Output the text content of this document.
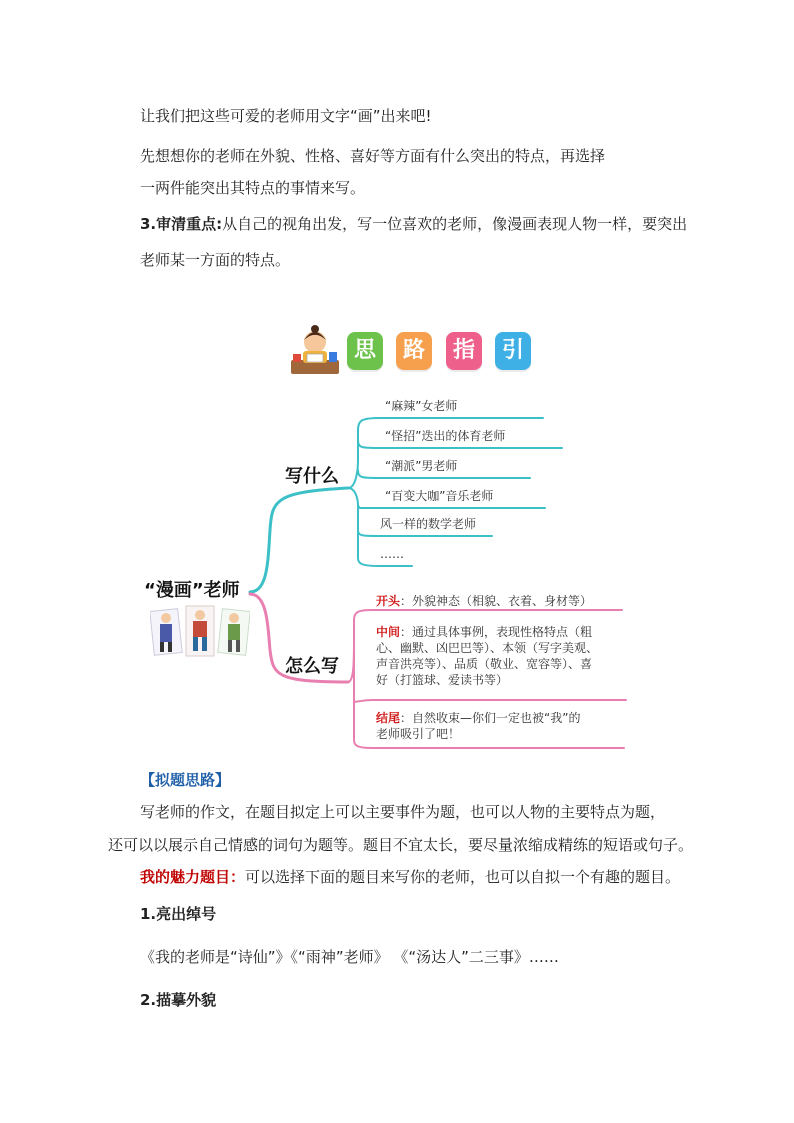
让我们把这些可爱的老师用文字“画”出来吧!
先想想你的老师在外貌、性格、喜好等方面有什么突出的特点，再选择
一两件能突出其特点的事情来写。
3.审清重点:从自己的视角出发，写一位喜欢的老师，像漫画表现人物一样，要突出
老师某一方面的特点。
思	路	指	引
写什么
怎么写
“漫画”老师
“麻辣”女老师
“怪招”迭出的体育老师
“潮派”男老师
“百变大咖”音乐老师
风一样的数学老师
……
开头：外貌神态（相貌、衣着、身材等）
中间：通过具体事例，表现性格特点（粗
心、幽默、凶巴巴等）、本领（写字美观、
声音洪亮等）、品质（敬业、宽容等）、喜
好（打篮球、爱读书等）
结尾：自然收束—你们一定也被“我”的
老师吸引了吧！
【拟题思路】
写老师的作文，在题目拟定上可以主要事件为题，也可以人物的主要特点为题，
还可以以展示自己情感的词句为题等。题目不宜太长，要尽量浓缩成精练的短语或句子。
我的魅力题目：可以选择下面的题目来写你的老师，也可以自拟一个有趣的题目。
1.亮出绰号
《我的老师是“诗仙”》《“雨神”老师》 《“汤达人”二三事》……
2.描摹外貌
